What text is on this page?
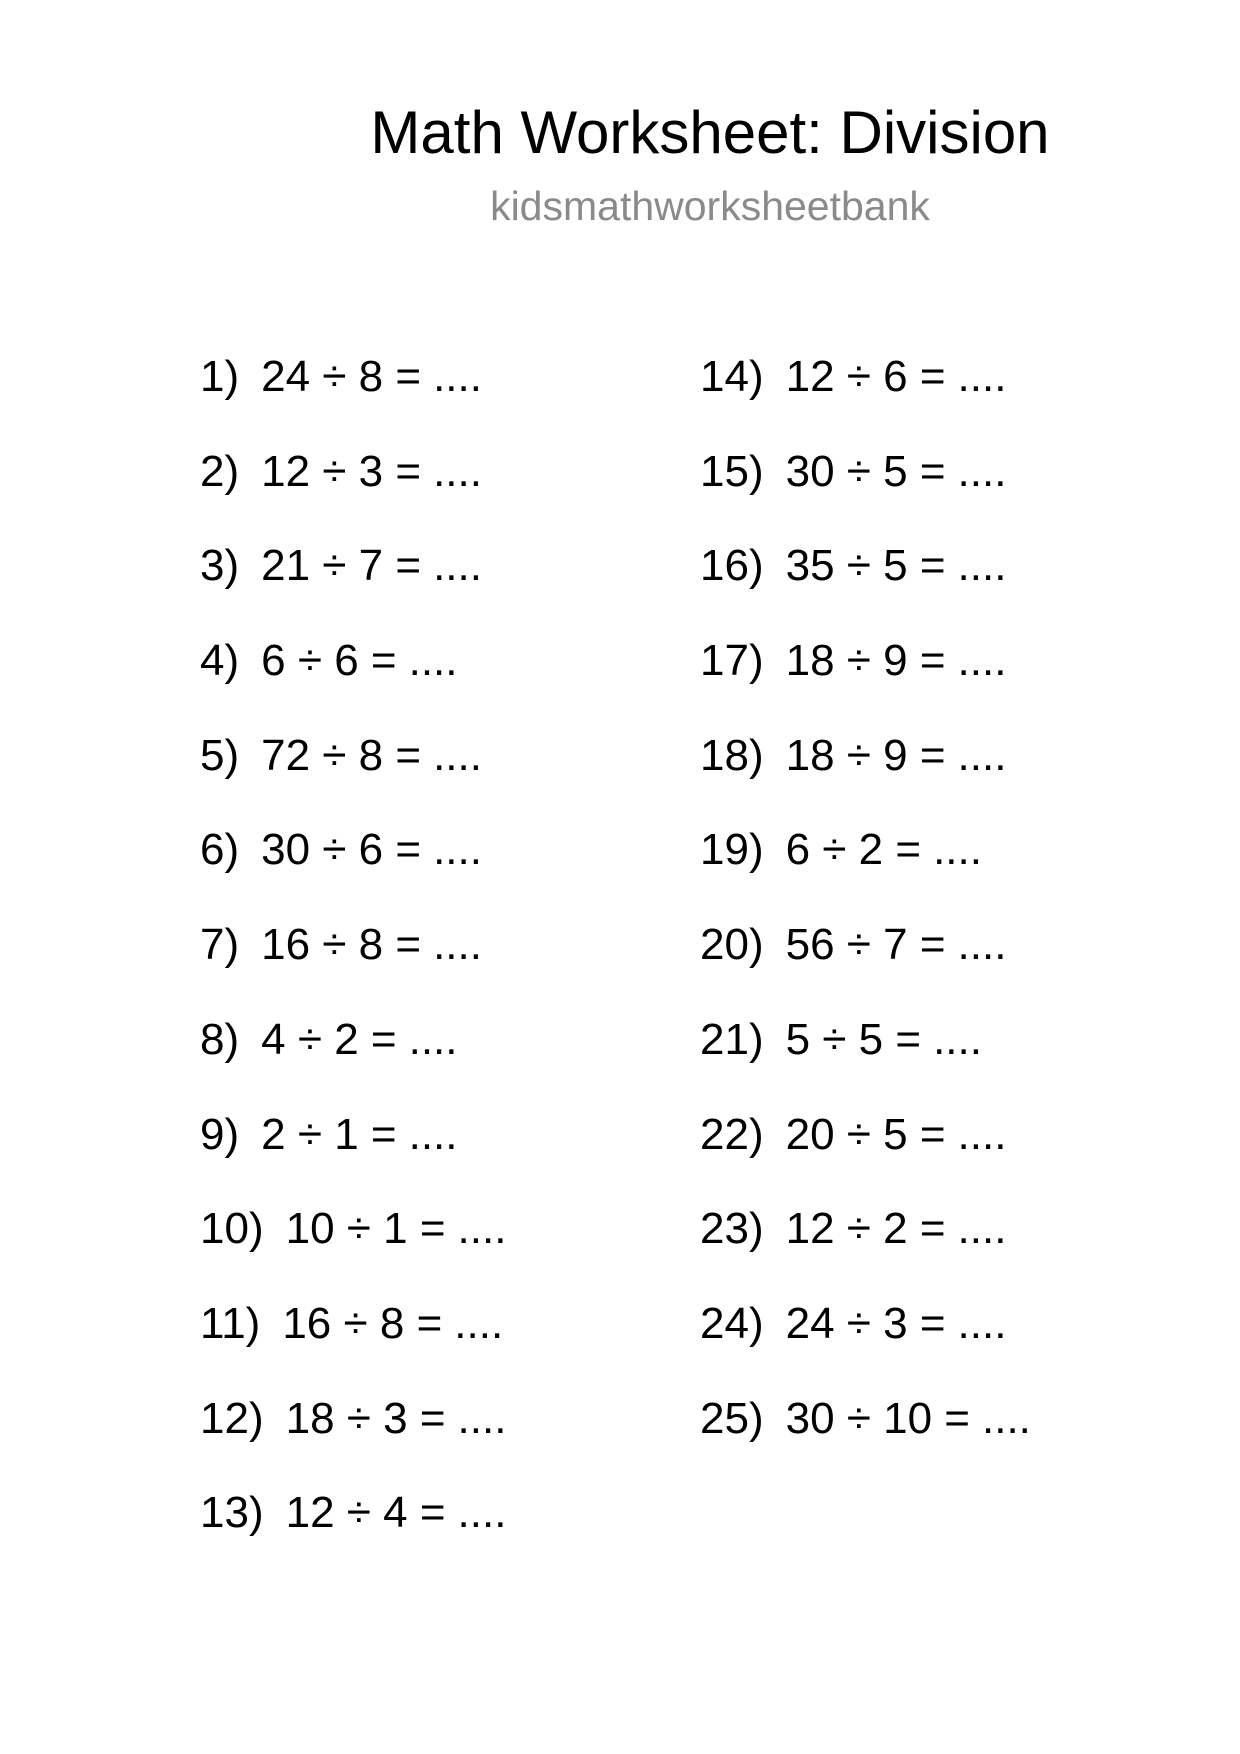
Math Worksheet: Division
kidsmathworksheetbank
1) 24 ÷ 8 = ....
2) 12 ÷ 3 = ....
3) 21 ÷ 7 = ....
4) 6 ÷ 6 = ....
5) 72 ÷ 8 = ....
6) 30 ÷ 6 = ....
7) 16 ÷ 8 = ....
8) 4 ÷ 2 = ....
9) 2 ÷ 1 = ....
10) 10 ÷ 1 = ....
11) 16 ÷ 8 = ....
12) 18 ÷ 3 = ....
13) 12 ÷ 4 = ....
14) 12 ÷ 6 = ....
15) 30 ÷ 5 = ....
16) 35 ÷ 5 = ....
17) 18 ÷ 9 = ....
18) 18 ÷ 9 = ....
19) 6 ÷ 2 = ....
20) 56 ÷ 7 = ....
21) 5 ÷ 5 = ....
22) 20 ÷ 5 = ....
23) 12 ÷ 2 = ....
24) 24 ÷ 3 = ....
25) 30 ÷ 10 = ....
